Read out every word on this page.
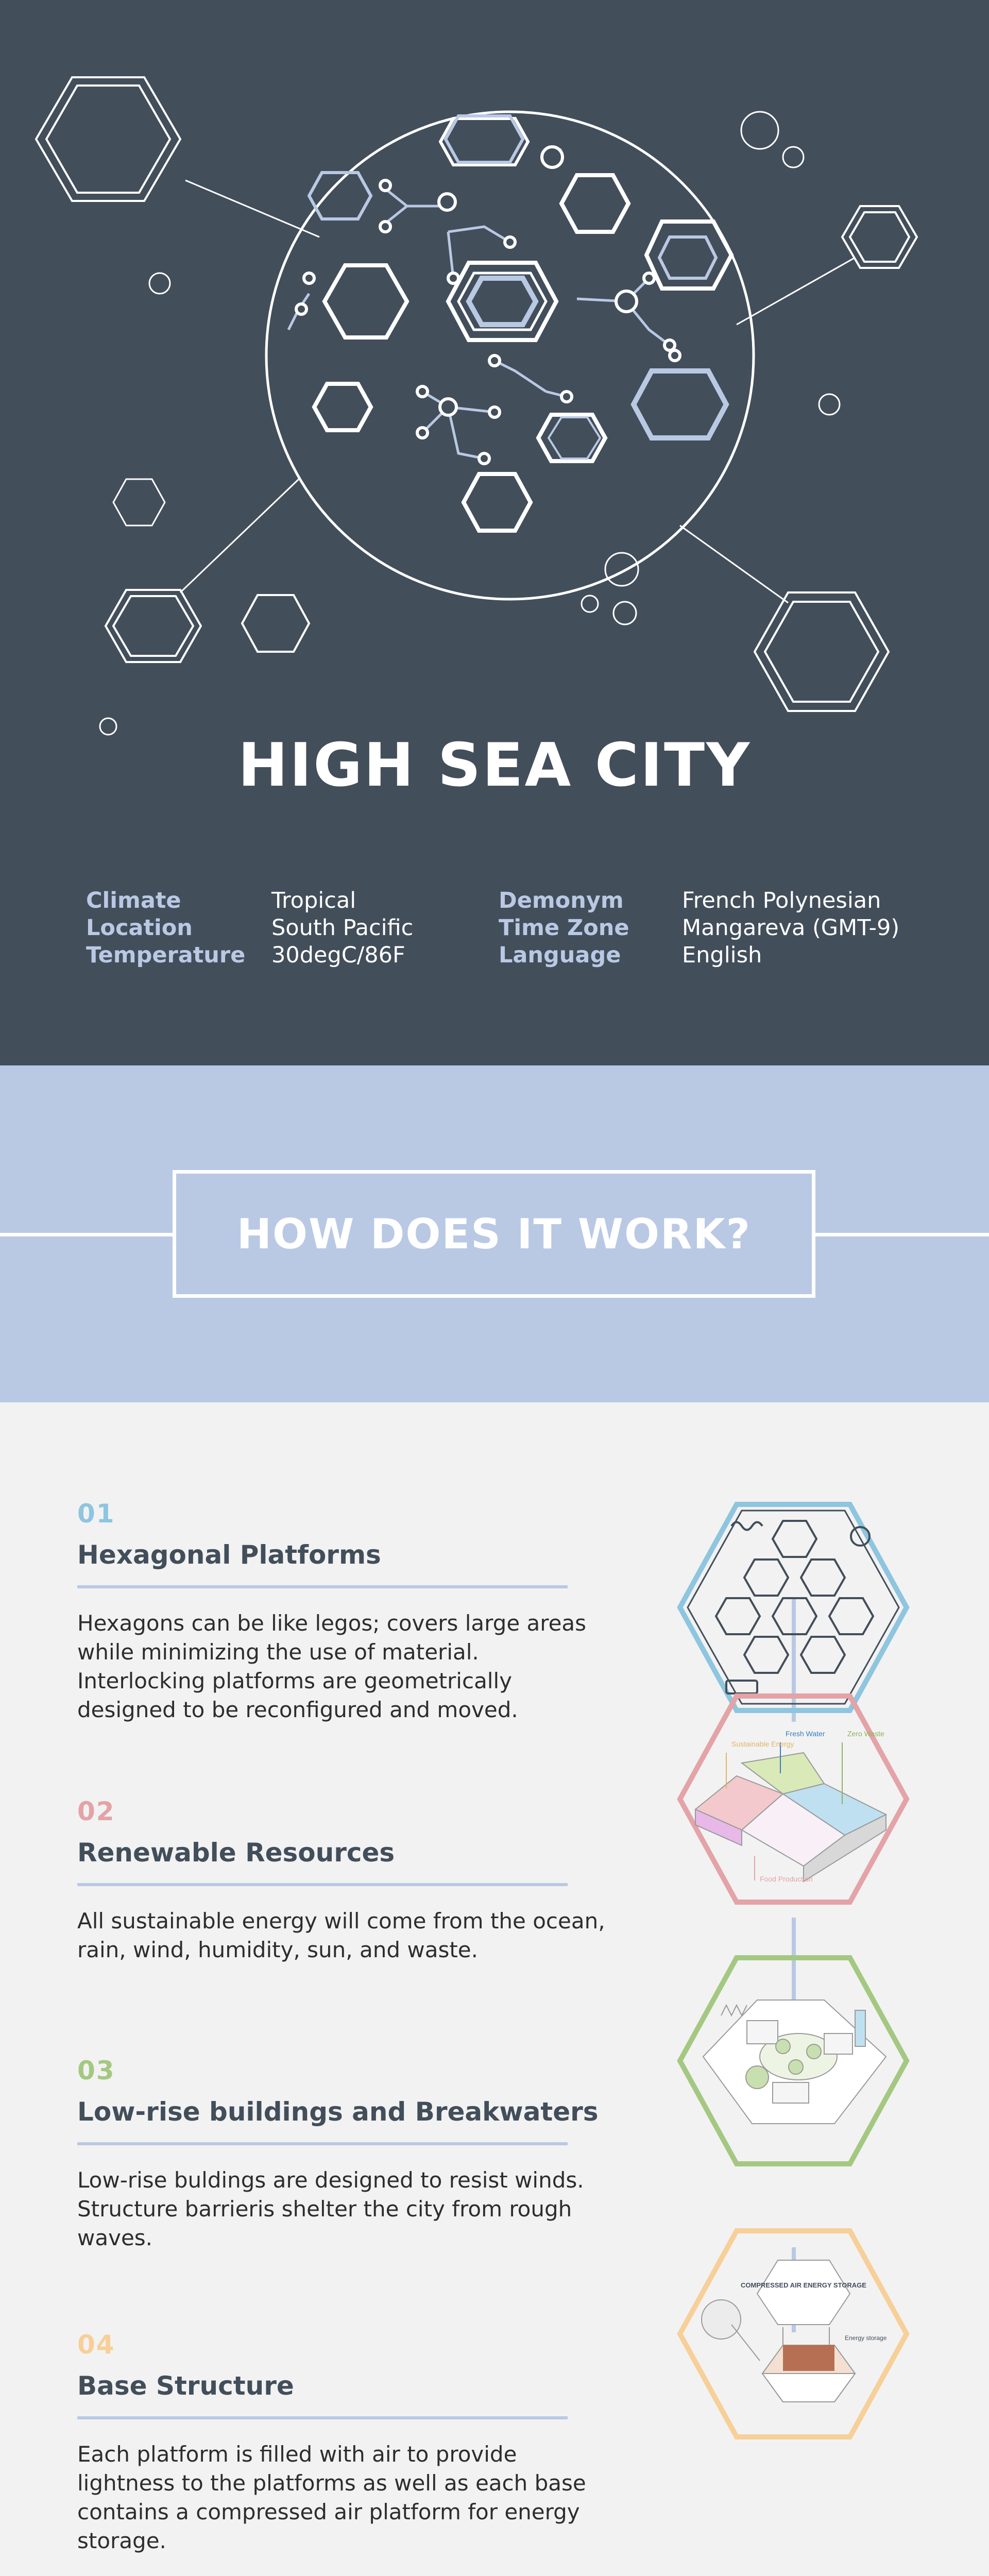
HIGH SEA CITY
Climate
Location
Temperature
Tropical
South Pacific
30degC/86F
Demonym
Time Zone
Language
French Polynesian
Mangareva (GMT-9)
English
HOW DOES IT WORK?
Sustainable Energy
Fresh Water	Zero Waste
Food Production
COMPRESSED AIR ENERGY STORAGE
Energy storage
01
Hexagonal Platforms
Hexagons can be like legos; covers large areas while minimizing the use of material. Interlocking platforms are geometrically designed to be reconfigured and moved.
02
Renewable Resources
All sustainable energy will come from the ocean, rain, wind, humidity, sun, and waste.
03
Low-rise buildings and Breakwaters
Low-rise buldings are designed to resist winds. Structure barrieris shelter the city from rough waves.
04
Base Structure
Each platform is filled with air to provide lightness to the platforms as well as each base contains a compressed air platform for energy storage.
